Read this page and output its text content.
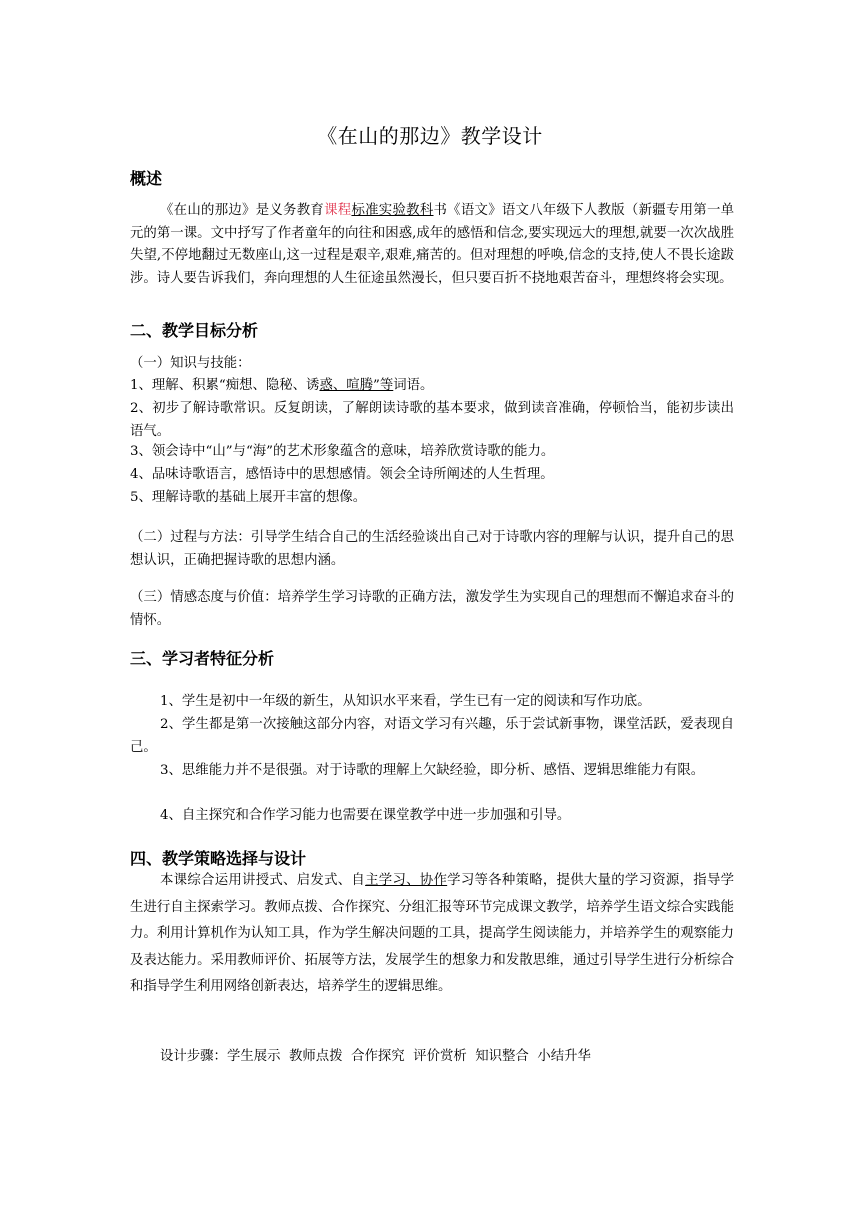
《在山的那边》教学设计
概述
《在山的那边》是义务教育课程标准实验教科书《语文》语文八年级下人教版（新疆专用第一单元的第一课。文中抒写了作者童年的向往和困惑,成年的感悟和信念,要实现远大的理想,就要一次次战胜失望,不停地翻过无数座山,这一过程是艰辛,艰难,痛苦的。但对理想的呼唤,信念的支持,使人不畏长途跋涉。诗人要告诉我们，奔向理想的人生征途虽然漫长，但只要百折不挠地艰苦奋斗，理想终将会实现。
二、教学目标分析
（一）知识与技能：
1、理解、积累“痴想、隐秘、诱惑、喧腾”等词语。
2、初步了解诗歌常识。反复朗读，了解朗读诗歌的基本要求，做到读音准确，停顿恰当，能初步读出语气。
3、领会诗中“山”与“海”的艺术形象蕴含的意味，培养欣赏诗歌的能力。
4、品味诗歌语言，感悟诗中的思想感情。领会全诗所阐述的人生哲理。
5、理解诗歌的基础上展开丰富的想像。
（二）过程与方法：引导学生结合自己的生活经验谈出自己对于诗歌内容的理解与认识，提升自己的思想认识，正确把握诗歌的思想内涵。
（三）情感态度与价值：培养学生学习诗歌的正确方法，激发学生为实现自己的理想而不懈追求奋斗的情怀。
三、学习者特征分析
1、学生是初中一年级的新生，从知识水平来看，学生已有一定的阅读和写作功底。
2、学生都是第一次接触这部分内容，对语文学习有兴趣，乐于尝试新事物，课堂活跃，爱表现自己。
3、思维能力并不是很强。对于诗歌的理解上欠缺经验，即分析、感悟、逻辑思维能力有限。
4、自主探究和合作学习能力也需要在课堂教学中进一步加强和引导。
四、教学策略选择与设计
本课综合运用讲授式、启发式、自主学习、协作学习等各种策略，提供大量的学习资源，指导学生进行自主探索学习。教师点拨、合作探究、分组汇报等环节完成课文教学，培养学生语文综合实践能力。利用计算机作为认知工具，作为学生解决问题的工具，提高学生阅读能力，并培养学生的观察能力及表达能力。采用教师评价、拓展等方法，发展学生的想象力和发散思维，通过引导学生进行分析综合和指导学生利用网络创新表达，培养学生的逻辑思维。
设计步骤：学生展示  教师点拨  合作探究  评价赏析  知识整合  小结升华
